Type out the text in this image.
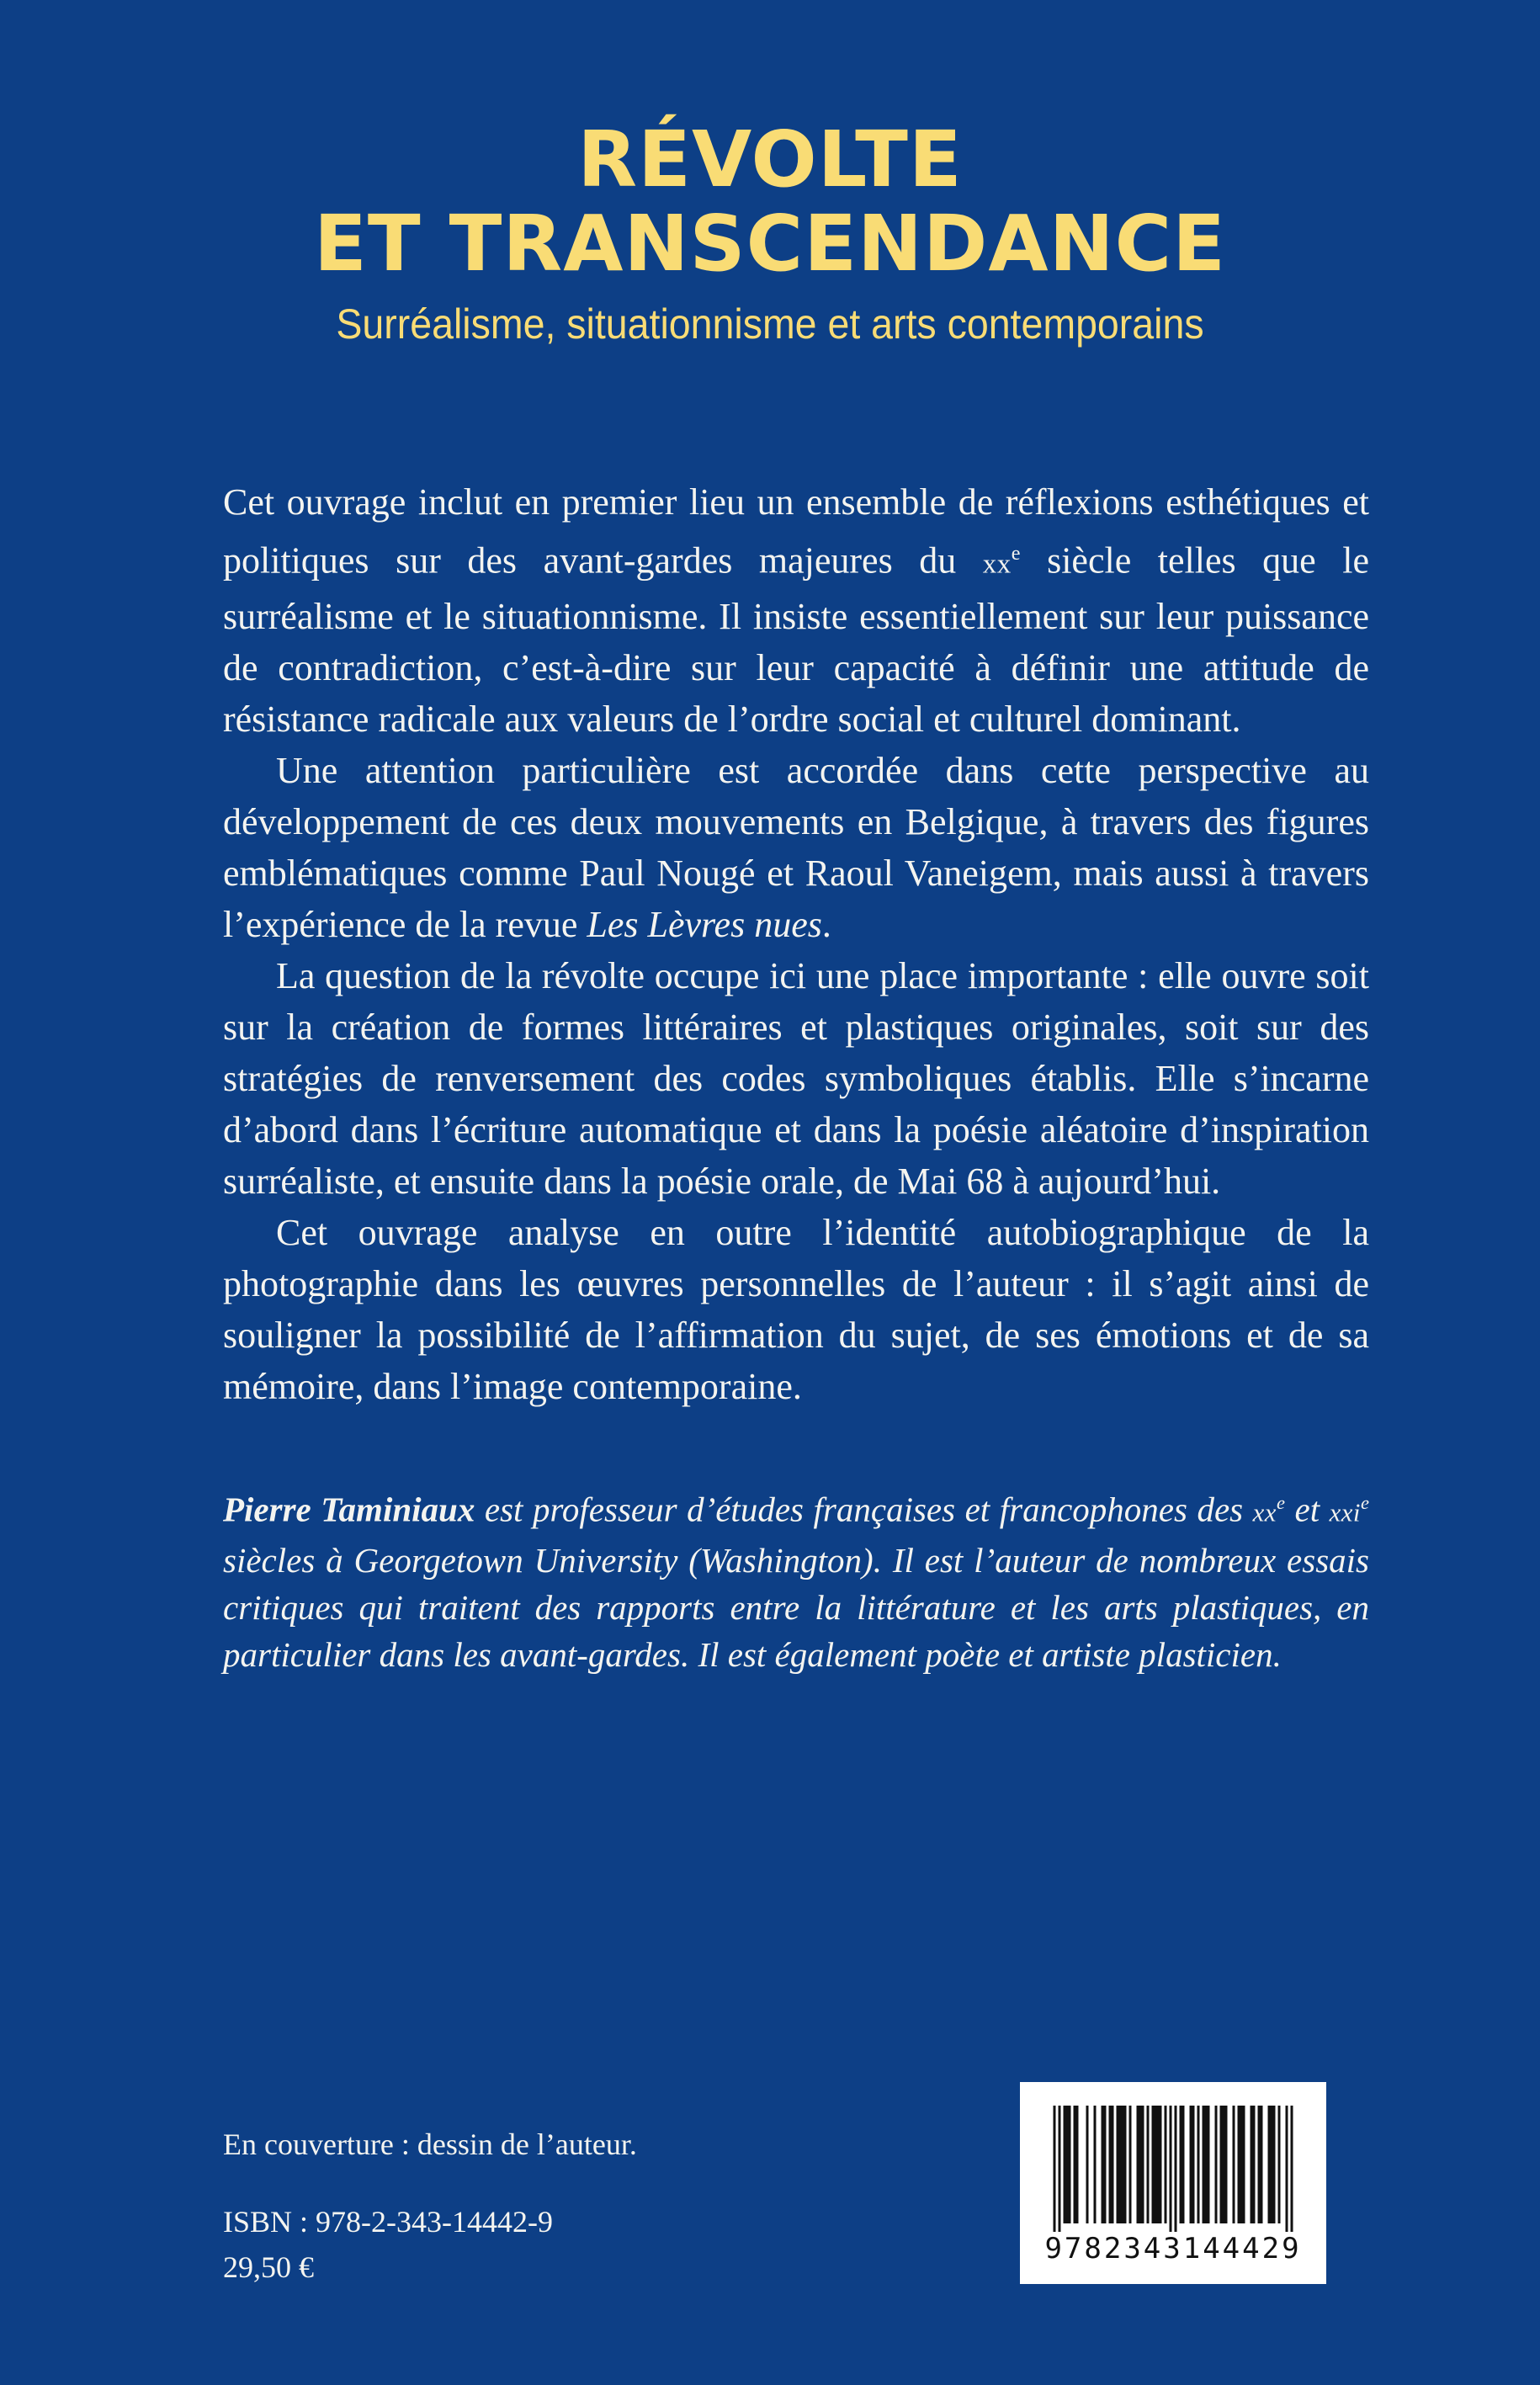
RÉVOLTE
ET TRANSCENDANCE
Surréalisme, situationnisme et arts contemporains

Cet ouvrage inclut en premier lieu un ensemble de réflexions esthétiques et politiques sur des avant-gardes majeures du $xx^e$ siècle telles que le surréalisme et le situationnisme. Il insiste essentiellement sur leur puissance de contradiction, c’est-à-dire sur leur capacité à définir une attitude de résistance radicale aux valeurs de l’ordre social et culturel dominant.

Une attention particulière est accordée dans cette perspective au développement de ces deux mouvements en Belgique, à travers des figures emblématiques comme Paul Nougé et Raoul Vaneigem, mais aussi à travers l’expérience de la revue Les Lèvres nues.

La question de la révolte occupe ici une place importante : elle ouvre soit sur la création de formes littéraires et plastiques originales, soit sur des stratégies de renversement des codes symboliques établis. Elle s’incarne d’abord dans l’écriture automatique et dans la poésie aléatoire d’inspiration surréaliste, et ensuite dans la poésie orale, de Mai 68 à aujourd’hui.

Cet ouvrage analyse en outre l’identité autobiographique de la photographie dans les œuvres personnelles de l’auteur : il s’agit ainsi de souligner la possibilité de l’affirmation du sujet, de ses émotions et de sa mémoire, dans l’image contemporaine.

Pierre Taminiaux est professeur d’études françaises et francophones des $xx^e$ et xxi$^e$ siècles à Georgetown University (Washington). Il est l’auteur de nombreux essais critiques qui traitent des rapports entre la littérature et les arts plastiques, en particulier dans les avant-gardes. Il est également poète et artiste plasticien.

En couverture : dessin de l’auteur.
ISBN : 978-2-343-14442-9
29,50 €
9782343144429
